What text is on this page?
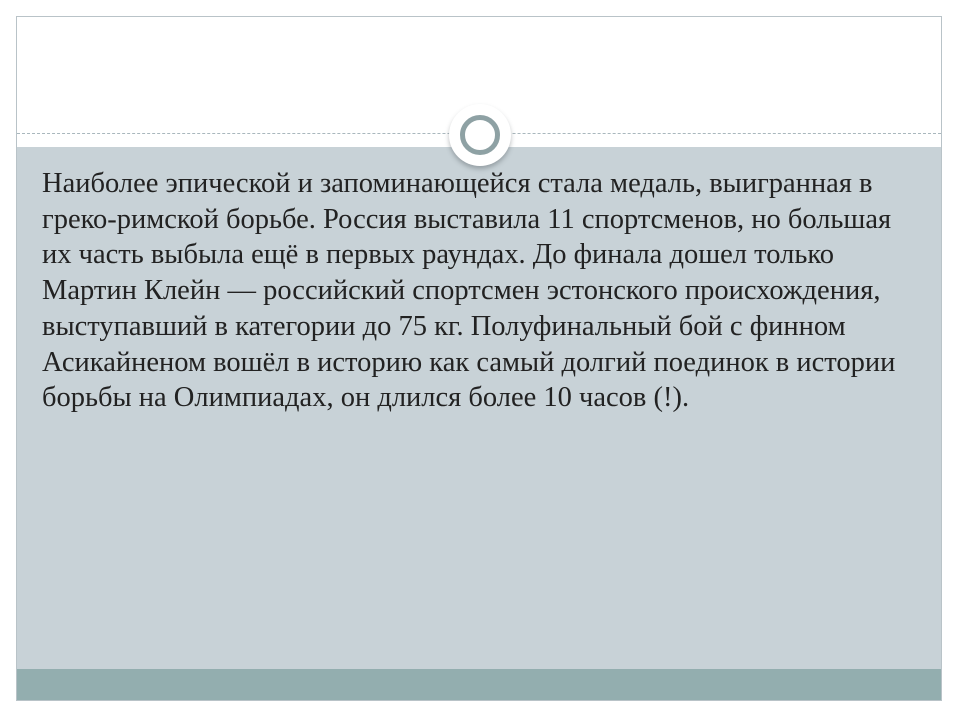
Наиболее эпической и запоминающейся стала медаль, выигранная в греко-римской борьбе. Россия выставила 11 спортсменов, но большая их часть выбыла ещё в первых раундах. До финала дошел только Мартин Клейн — российский спортсмен эстонского происхождения, выступавший в категории до 75 кг. Полуфинальный бой с финном Асикайненом вошёл в историю как самый долгий поединок в истории борьбы на Олимпиадах, он длился более 10 часов (!).
